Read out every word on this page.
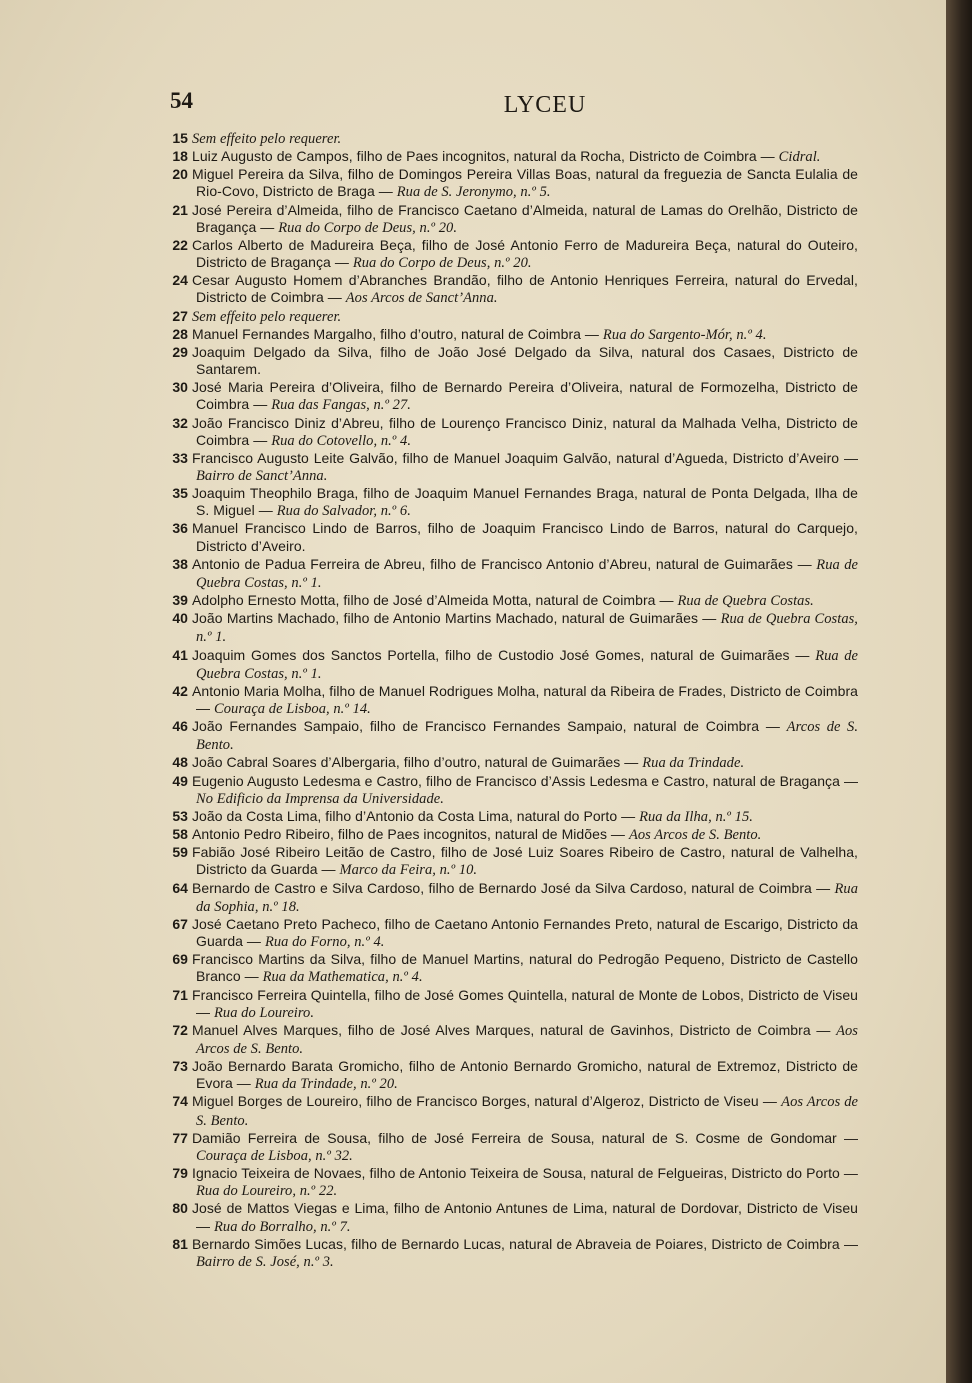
54	LYCEU
15 Sem effeito pelo requerer.
18 Luiz Augusto de Campos, filho de Paes incognitos, natural da Rocha, Districto de Coimbra — Cidral.
20 Miguel Pereira da Silva, filho de Domingos Pereira Villas Boas, natural da freguezia de Sancta Eulalia de Rio-Covo, Districto de Braga — Rua de S. Jeronymo, n.º 5.
21 José Pereira d’Almeida, filho de Francisco Caetano d’Almeida, natural de Lamas do Orelhão, Districto de Bragança — Rua do Corpo de Deus, n.º 20.
22 Carlos Alberto de Madureira Beça, filho de José Antonio Ferro de Madureira Beça, natural do Outeiro, Districto de Bragança — Rua do Corpo de Deus, n.º 20.
24 Cesar Augusto Homem d’Abranches Brandão, filho de Antonio Henriques Ferreira, natural do Ervedal, Districto de Coimbra — Aos Arcos de Sanct’Anna.
27 Sem effeito pelo requerer.
28 Manuel Fernandes Margalho, filho d’outro, natural de Coimbra — Rua do Sargento-Mór, n.º 4.
29 Joaquim Delgado da Silva, filho de João José Delgado da Silva, natural dos Casaes, Districto de Santarem.
30 José Maria Pereira d’Oliveira, filho de Bernardo Pereira d’Oliveira, natural de Formozelha, Districto de Coimbra — Rua das Fangas, n.º 27.
32 João Francisco Diniz d’Abreu, filho de Lourenço Francisco Diniz, natural da Malhada Velha, Districto de Coimbra — Rua do Cotovello, n.º 4.
33 Francisco Augusto Leite Galvão, filho de Manuel Joaquim Galvão, natural d’Agueda, Districto d’Aveiro — Bairro de Sanct’Anna.
35 Joaquim Theophilo Braga, filho de Joaquim Manuel Fernandes Braga, natural de Ponta Delgada, Ilha de S. Miguel — Rua do Salvador, n.º 6.
36 Manuel Francisco Lindo de Barros, filho de Joaquim Francisco Lindo de Barros, natural do Carquejo, Districto d’Aveiro.
38 Antonio de Padua Ferreira de Abreu, filho de Francisco Antonio d’Abreu, natural de Guimarães — Rua de Quebra Costas, n.º 1.
39 Adolpho Ernesto Motta, filho de José d’Almeida Motta, natural de Coimbra — Rua de Quebra Costas.
40 João Martins Machado, filho de Antonio Martins Machado, natural de Guimarães — Rua de Quebra Costas, n.º 1.
41 Joaquim Gomes dos Sanctos Portella, filho de Custodio José Gomes, natural de Guimarães — Rua de Quebra Costas, n.º 1.
42 Antonio Maria Molha, filho de Manuel Rodrigues Molha, natural da Ribeira de Frades, Districto de Coimbra — Couraça de Lisboa, n.º 14.
46 João Fernandes Sampaio, filho de Francisco Fernandes Sampaio, natural de Coimbra — Arcos de S. Bento.
48 João Cabral Soares d’Albergaria, filho d’outro, natural de Guimarães — Rua da Trindade.
49 Eugenio Augusto Ledesma e Castro, filho de Francisco d’Assis Ledesma e Castro, natural de Bragança — No Edificio da Imprensa da Universidade.
53 João da Costa Lima, filho d’Antonio da Costa Lima, natural do Porto — Rua da Ilha, n.º 15.
58 Antonio Pedro Ribeiro, filho de Paes incognitos, natural de Midões — Aos Arcos de S. Bento.
59 Fabião José Ribeiro Leitão de Castro, filho de José Luiz Soares Ribeiro de Castro, natural de Valhelha, Districto da Guarda — Marco da Feira, n.º 10.
64 Bernardo de Castro e Silva Cardoso, filho de Bernardo José da Silva Cardoso, natural de Coimbra — Rua da Sophia, n.º 18.
67 José Caetano Preto Pacheco, filho de Caetano Antonio Fernandes Preto, natural de Escarigo, Districto da Guarda — Rua do Forno, n.º 4.
69 Francisco Martins da Silva, filho de Manuel Martins, natural do Pedrogão Pequeno, Districto de Castello Branco — Rua da Mathematica, n.º 4.
71 Francisco Ferreira Quintella, filho de José Gomes Quintella, natural de Monte de Lobos, Districto de Viseu — Rua do Loureiro.
72 Manuel Alves Marques, filho de José Alves Marques, natural de Gavinhos, Districto de Coimbra — Aos Arcos de S. Bento.
73 João Bernardo Barata Gromicho, filho de Antonio Bernardo Gromicho, natural de Extremoz, Districto de Evora — Rua da Trindade, n.º 20.
74 Miguel Borges de Loureiro, filho de Francisco Borges, natural d’Algeroz, Districto de Viseu — Aos Arcos de S. Bento.
77 Damião Ferreira de Sousa, filho de José Ferreira de Sousa, natural de S. Cosme de Gondomar — Couraça de Lisboa, n.º 32.
79 Ignacio Teixeira de Novaes, filho de Antonio Teixeira de Sousa, natural de Felgueiras, Districto do Porto — Rua do Loureiro, n.º 22.
80 José de Mattos Viegas e Lima, filho de Antonio Antunes de Lima, natural de Dordovar, Districto de Viseu — Rua do Borralho, n.º 7.
81 Bernardo Simões Lucas, filho de Bernardo Lucas, natural de Abraveia de Poiares, Districto de Coimbra — Bairro de S. José, n.º 3.
